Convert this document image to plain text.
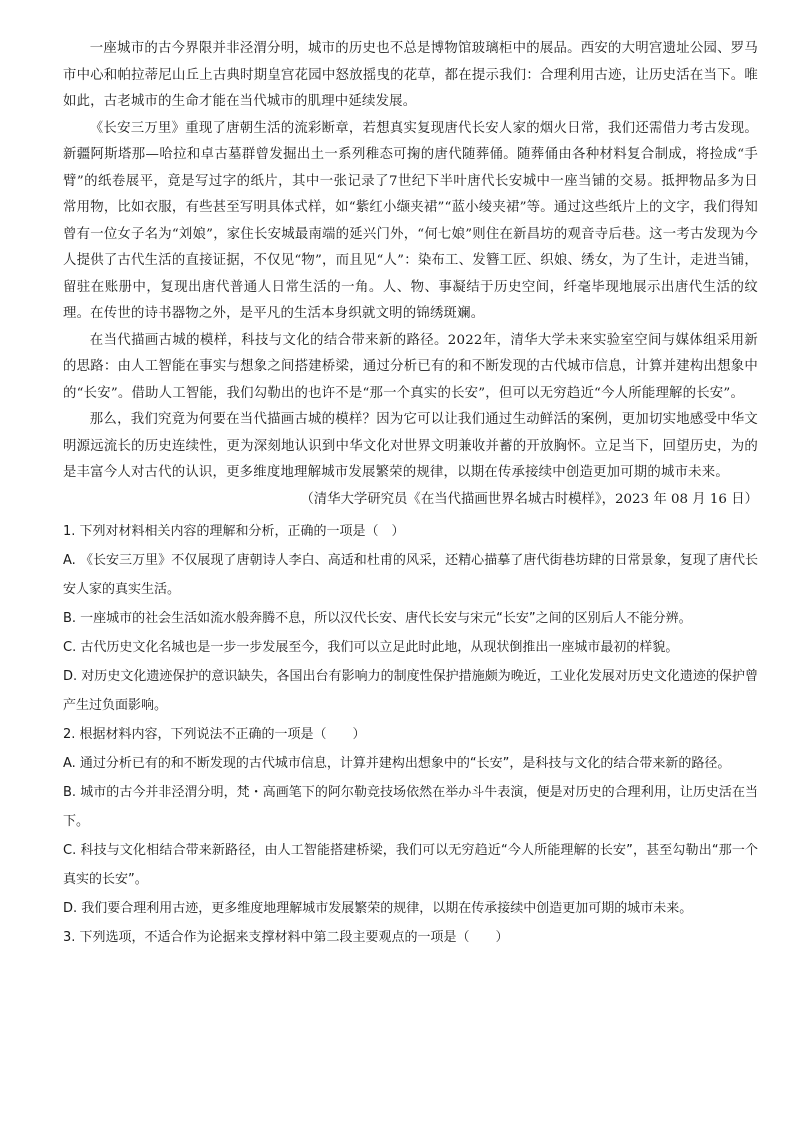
一座城市的古今界限并非泾渭分明，城市的历史也不总是博物馆玻璃柜中的展品。西安的大明宫遗址公园、罗马市中心和帕拉蒂尼山丘上古典时期皇宫花园中怒放摇曳的花草，都在提示我们：合理利用古迹，让历史活在当下。唯如此，古老城市的生命才能在当代城市的肌理中延续发展。

《长安三万里》重现了唐朝生活的流彩断章，若想真实复现唐代长安人家的烟火日常，我们还需借力考古发现。新疆阿斯塔那—哈拉和卓古墓群曾发掘出土一系列稚态可掬的唐代随葬俑。随葬俑由各种材料复合制成，将捡成“手臂”的纸卷展平，竟是写过字的纸片，其中一张记录了7世纪下半叶唐代长安城中一座当铺的交易。抵押物品多为日常用物，比如衣服，有些甚至写明具体式样，如“紫红小缬夹裙”“蓝小绫夹裙”等。通过这些纸片上的文字，我们得知曾有一位女子名为“刘娘”，家住长安城最南端的延兴门外，“何七娘”则住在新昌坊的观音寺后巷。这一考古发现为今人提供了古代生活的直接证据，不仅见“物”，而且见“人”：染布工、发簪工匠、织娘、绣女，为了生计，走进当铺，留驻在账册中，复现出唐代普通人日常生活的一角。人、物、事凝结于历史空间，纤毫毕现地展示出唐代生活的纹理。在传世的诗书器物之外，是平凡的生活本身织就文明的锦绣斑斓。

在当代描画古城的模样，科技与文化的结合带来新的路径。2022年，清华大学未来实验室空间与媒体组采用新的思路：由人工智能在事实与想象之间搭建桥梁，通过分析已有的和不断发现的古代城市信息，计算并建构出想象中的“长安”。借助人工智能，我们勾勒出的也许不是“那一个真实的长安”，但可以无穷趋近“今人所能理解的长安”。

那么，我们究竟为何要在当代描画古城的模样？因为它可以让我们通过生动鲜活的案例，更加切实地感受中华文明源远流长的历史连续性，更为深刻地认识到中华文化对世界文明兼收并蓄的开放胸怀。立足当下，回望历史，为的是丰富今人对古代的认识，更多维度地理解城市发展繁荣的规律，以期在传承接续中创造更加可期的城市未来。

（清华大学研究员《在当代描画世界名城古时模样》，2023 年 08 月 16 日）

1. 下列对材料相关内容的理解和分析，正确的一项是（　）

A. 《长安三万里》不仅展现了唐朝诗人李白、高适和杜甫的风采，还精心描摹了唐代街巷坊肆的日常景象，复现了唐代长安人家的真实生活。

B. 一座城市的社会生活如流水般奔腾不息，所以汉代长安、唐代长安与宋元“长安”之间的区别后人不能分辨。

C. 古代历史文化名城也是一步一步发展至今，我们可以立足此时此地，从现状倒推出一座城市最初的样貌。

D. 对历史文化遗迹保护的意识缺失，各国出台有影响力的制度性保护措施颇为晚近，工业化发展对历史文化遗迹的保护曾产生过负面影响。

2. 根据材料内容，下列说法不正确的一项是（　　）

A. 通过分析已有的和不断发现的古代城市信息，计算并建构出想象中的“长安”，是科技与文化的结合带来新的路径。

B. 城市的古今并非泾渭分明，梵・高画笔下的阿尔勒竞技场依然在举办斗牛表演，便是对历史的合理利用，让历史活在当下。

C. 科技与文化相结合带来新路径，由人工智能搭建桥梁，我们可以无穷趋近“今人所能理解的长安”，甚至勾勒出“那一个真实的长安”。

D. 我们要合理利用古迹，更多维度地理解城市发展繁荣的规律，以期在传承接续中创造更加可期的城市未来。

3. 下列选项，不适合作为论据来支撑材料中第二段主要观点的一项是（　　）
